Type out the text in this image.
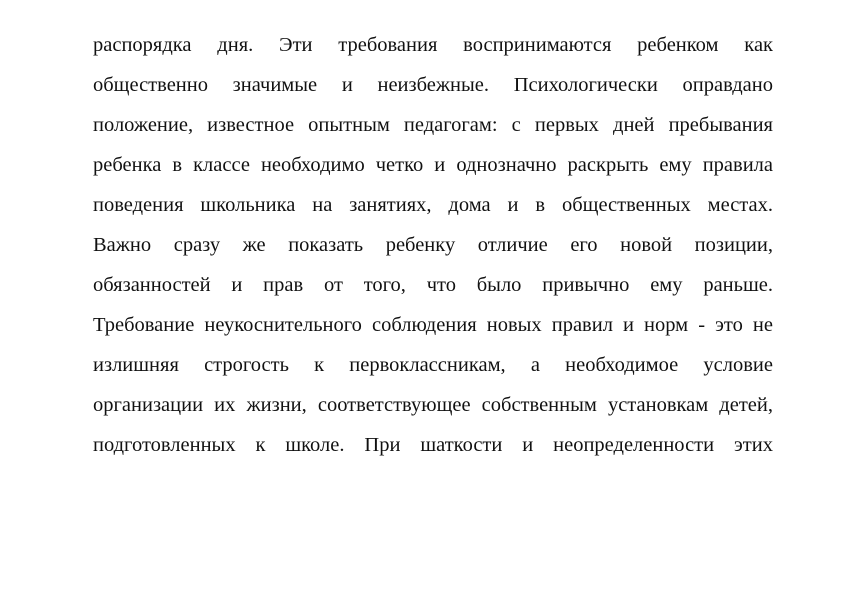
распорядка дня. Эти требования воспринимаются ребенком как
общественно значимые и неизбежные. Психологически оправдано
положение, известное опытным педагогам: с первых дней пребывания
ребенка в классе необходимо четко и однозначно раскрыть ему правила
поведения школьника на занятиях, дома и в общественных местах.
Важно сразу же показать ребенку отличие его новой позиции,
обязанностей и прав от того, что было привычно ему раньше.
Требование неукоснительного соблюдения новых правил и норм - это не
излишняя строгость к первоклассникам, а необходимое условие
организации их жизни, соответствующее собственным установкам детей,
подготовленных к школе. При шаткости и неопределенности этих
